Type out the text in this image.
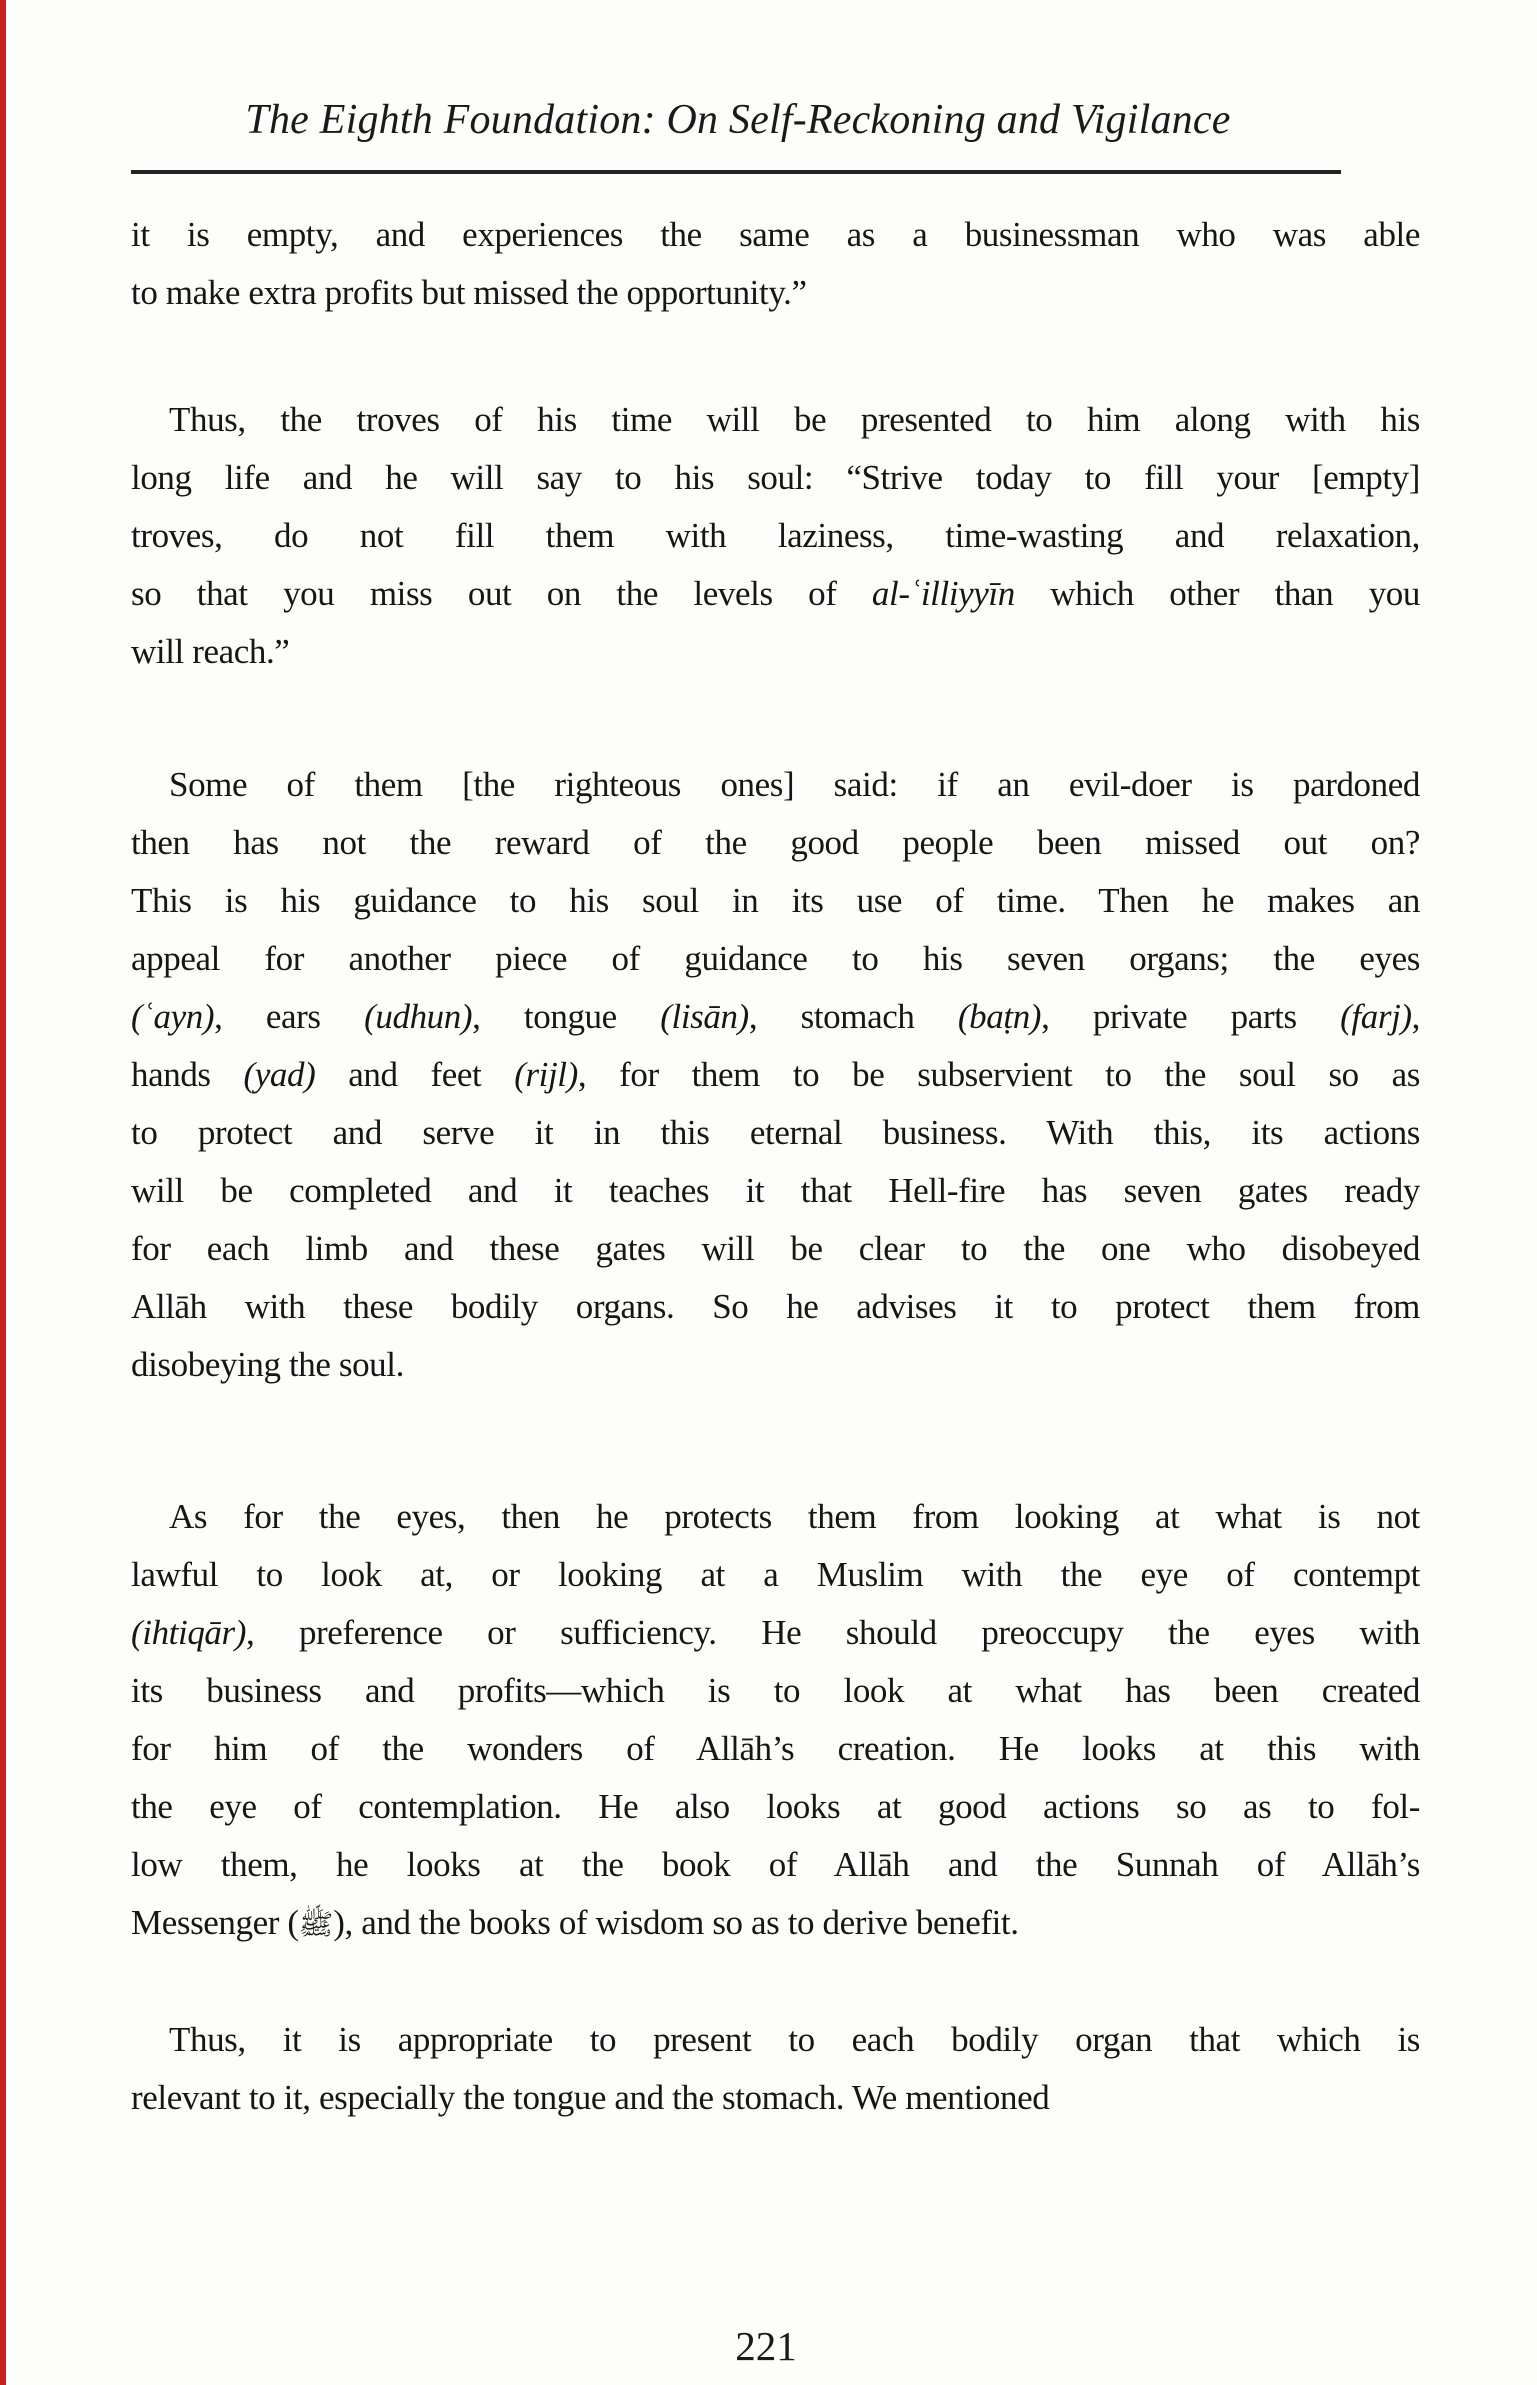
The Eighth Foundation: On Self-Reckoning and Vigilance

it is empty, and experiences the same as a businessman who was able
to make extra profits but missed the opportunity.”

Thus, the troves of his time will be presented to him along with his
long life and he will say to his soul: “Strive today to fill your [empty]
troves, do not fill them with laziness, time-wasting and relaxation,
so that you miss out on the levels of al-ʿilliyyīn which other than you
will reach.”

Some of them [the righteous ones] said: if an evil-doer is pardoned
then has not the reward of the good people been missed out on?
This is his guidance to his soul in its use of time. Then he makes an
appeal for another piece of guidance to his seven organs; the eyes
(ʿayn), ears (udhun), tongue (lisān), stomach (baṭn), private parts (farj),
hands (yad) and feet (rijl), for them to be subservient to the soul so as
to protect and serve it in this eternal business. With this, its actions
will be completed and it teaches it that Hell-fire has seven gates ready
for each limb and these gates will be clear to the one who disobeyed
Allāh with these bodily organs. So he advises it to protect them from
disobeying the soul.

As for the eyes, then he protects them from looking at what is not
lawful to look at, or looking at a Muslim with the eye of contempt
(ihtiqār), preference or sufficiency. He should preoccupy the eyes with
its business and profits—which is to look at what has been created
for him of the wonders of Allāh’s creation. He looks at this with
the eye of contemplation. He also looks at good actions so as to fol-
low them, he looks at the book of Allāh and the Sunnah of Allāh’s
Messenger (ﷺ), and the books of wisdom so as to derive benefit.

Thus, it is appropriate to present to each bodily organ that which is
relevant to it, especially the tongue and the stomach. We mentioned

221
